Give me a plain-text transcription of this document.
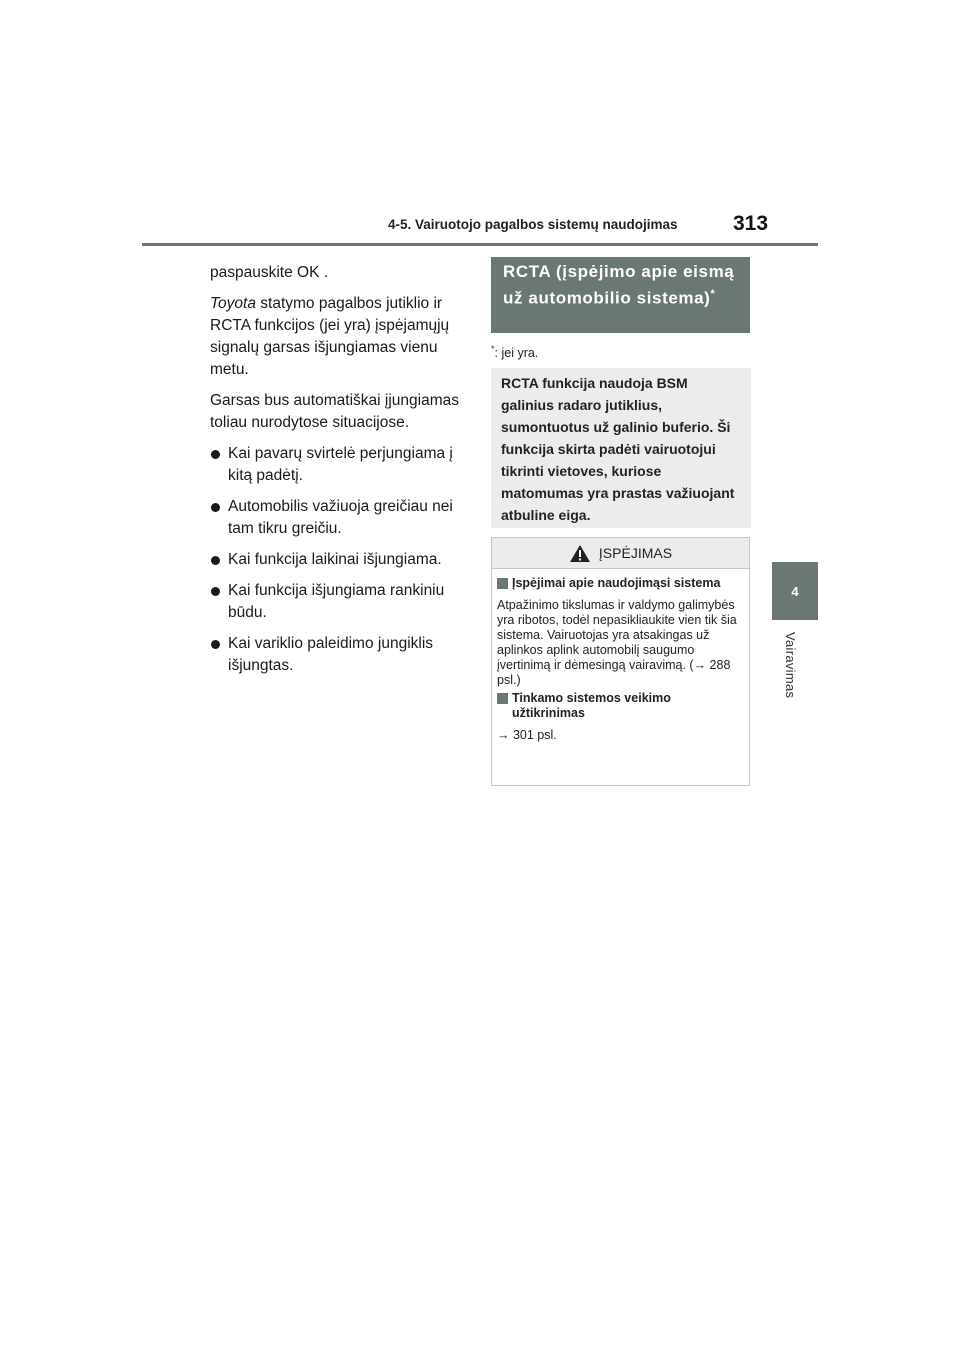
4-5. Vairuotojo pagalbos sistemų naudojimas	313
4
Vairavimas

paspauskite OK .

Toyota statymo pagalbos jutiklio ir RCTA funkcijos (jei yra) įspėjamųjų signalų garsas išjungiamas vienu metu.

Garsas bus automatiškai įjungiamas toliau nurodytose situacijose.

Kai pavarų svirtelė perjungiama į kitą padėtį.
Automobilis važiuoja greičiau nei tam tikru greičiu.
Kai funkcija laikinai išjungiama.
Kai funkcija išjungiama rankiniu būdu.
Kai variklio paleidimo jungiklis išjungtas.
RCTA (įspėjimo apie eismą už automobilio sistema)*
*: jei yra.
RCTA funkcija naudoja BSM galinius radaro jutiklius, sumontuotus už galinio buferio. Ši funkcija skirta padėti vairuotojui tikrinti vietoves, kuriose matomumas yra prastas važiuojant atbuline eiga.
ĮSPĖJIMAS
Įspėjimai apie naudojimąsi sistema

Atpažinimo tikslumas ir valdymo galimybės yra ribotos, todėl nepasikliaukite vien tik šia sistema. Vairuotojas yra atsakingas už aplinkos aplink automobilį saugumo įvertinimą ir dėmesingą vairavimą. (→ 288 psl.)

Tinkamo sistemos veikimo užtikrinimas

→ 301 psl.
